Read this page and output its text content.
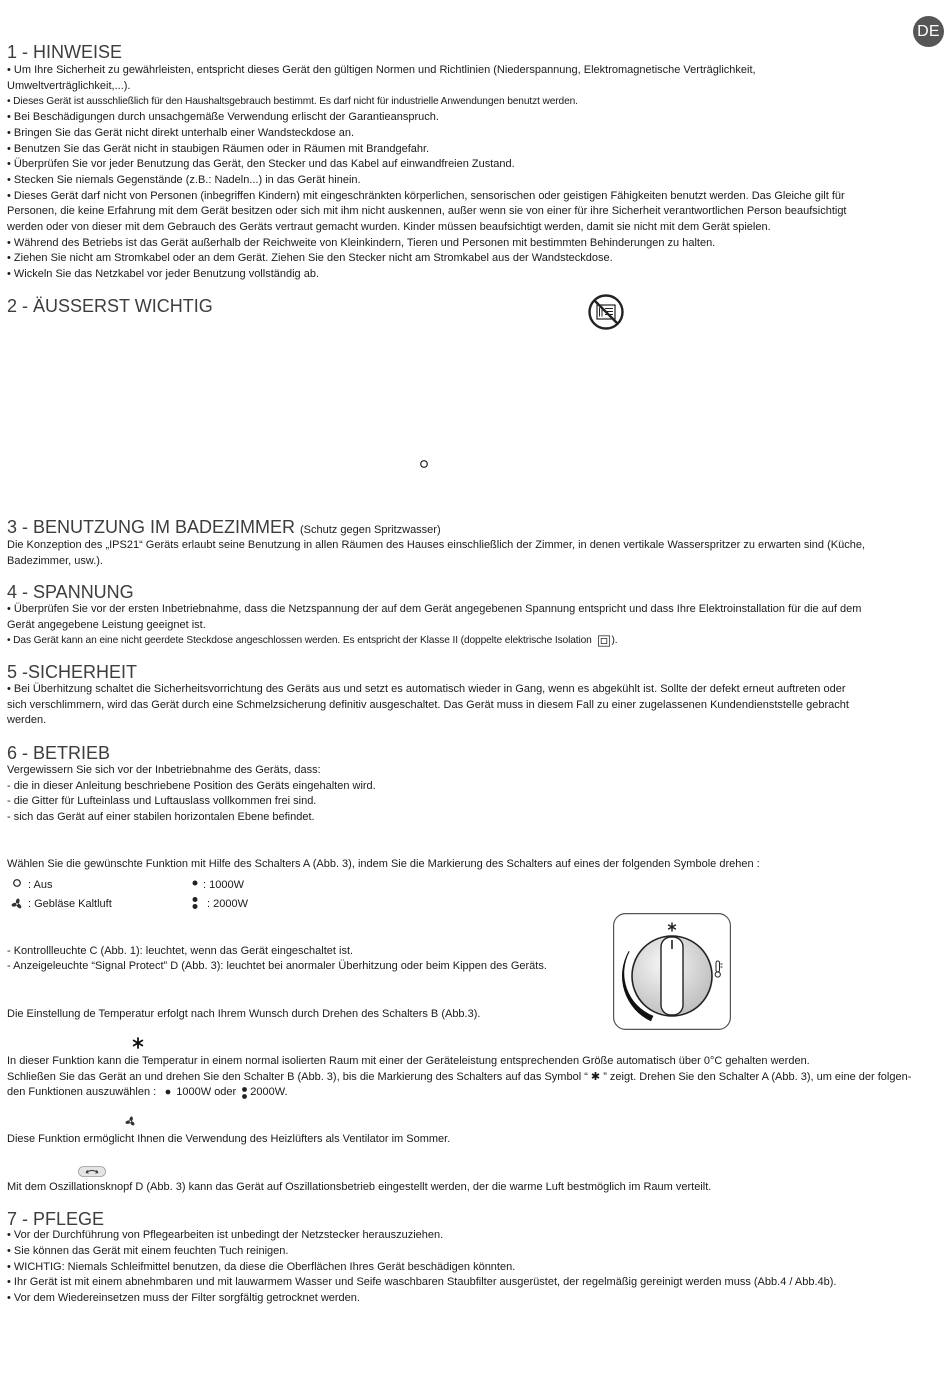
DE
1 - HINWEISE
• Um Ihre Sicherheit zu gewährleisten, entspricht dieses Gerät den gültigen Normen und Richtlinien (Niederspannung, Elektromagnetische Verträglichkeit,
Umweltverträglichkeit,...).
• Dieses Gerät ist ausschließlich für den Haushaltsgebrauch bestimmt. Es darf nicht für industrielle Anwendungen benutzt werden.
• Bei Beschädigungen durch unsachgemäße Verwendung erlischt der Garantieanspruch.
• Bringen Sie das Gerät nicht direkt unterhalb einer Wandsteckdose an.
• Benutzen Sie das Gerät nicht in staubigen Räumen oder in Räumen mit Brandgefahr.
• Überprüfen Sie vor jeder Benutzung das Gerät, den Stecker und das Kabel auf einwandfreien Zustand.
• Stecken Sie niemals Gegenstände (z.B.: Nadeln...) in das Gerät hinein.
• Dieses Gerät darf nicht von Personen (inbegriffen Kindern) mit eingeschränkten körperlichen, sensorischen oder geistigen Fähigkeiten benutzt werden. Das Gleiche gilt für
Personen, die keine Erfahrung mit dem Gerät besitzen oder sich mit ihm nicht auskennen, außer wenn sie von einer für ihre Sicherheit verantwortlichen Person beaufsichtigt
werden oder von dieser mit dem Gebrauch des Geräts vertraut gemacht wurden. Kinder müssen beaufsichtigt werden, damit sie nicht mit dem Gerät spielen.
• Während des Betriebs ist das Gerät außerhalb der Reichweite von Kleinkindern, Tieren und Personen mit bestimmten Behinderungen zu halten.
• Ziehen Sie nicht am Stromkabel oder an dem Gerät. Ziehen Sie den Stecker nicht am Stromkabel aus der Wandsteckdose.
• Wickeln Sie das Netzkabel vor jeder Benutzung vollständig ab.
2 - ÄUSSERST WICHTIG
3 - BENUTZUNG IM BADEZIMMER (Schutz gegen Spritzwasser)
Die Konzeption des „IPS21“ Geräts erlaubt seine Benutzung in allen Räumen des Hauses einschließlich der Zimmer, in denen vertikale Wasserspritzer zu erwarten sind (Küche,
Badezimmer, usw.).
4 - SPANNUNG
• Überprüfen Sie vor der ersten Inbetriebnahme, dass die Netzspannung der auf dem Gerät angegebenen Spannung entspricht und dass Ihre Elektroinstallation für die auf dem
Gerät angegebene Leistung geeignet ist.
• Das Gerät kann an eine nicht geerdete Steckdose angeschlossen werden. Es entspricht der Klasse II (doppelte elektrische Isolation ).
5 -SICHERHEIT
• Bei Überhitzung schaltet die Sicherheitsvorrichtung des Geräts aus und setzt es automatisch wieder in Gang, wenn es abgekühlt ist. Sollte der defekt erneut auftreten oder
sich verschlimmern, wird das Gerät durch eine Schmelzsicherung definitiv ausgeschaltet. Das Gerät muss in diesem Fall zu einer zugelassenen Kundendienststelle gebracht
werden.
6 - BETRIEB
Vergewissern Sie sich vor der Inbetriebnahme des Geräts, dass:
- die in dieser Anleitung beschriebene Position des Geräts eingehalten wird.
- die Gitter für Lufteinlass und Luftauslass vollkommen frei sind.
- sich das Gerät auf einer stabilen horizontalen Ebene befindet.
Wählen Sie die gewünschte Funktion mit Hilfe des Schalters A (Abb. 3), indem Sie die Markierung des Schalters auf eines der folgenden Symbole drehen :
: Aus	: 1000W
: Gebläse Kaltluft	: 2000W
- Kontrollleuchte C (Abb. 1): leuchtet, wenn das Gerät eingeschaltet ist.
- Anzeigeleuchte “Signal Protect” D (Abb. 3): leuchtet bei anormaler Überhitzung oder beim Kippen des Geräts.
Die Einstellung de Temperatur erfolgt nach Ihrem Wunsch durch Drehen des Schalters B (Abb.3).
In dieser Funktion kann die Temperatur in einem normal isolierten Raum mit einer der Geräteleistung entsprechenden Größe automatisch über 0°C gehalten werden.
Schließen Sie das Gerät an und drehen Sie den Schalter B (Abb. 3), bis die Markierung des Schalters auf das Symbol “ ✱ ” zeigt. Drehen Sie den Schalter A (Abb. 3), um eine der folgen-
den Funktionen auszuwählen : 1000W oder 2000W.
Diese Funktion ermöglicht Ihnen die Verwendung des Heizlüfters als Ventilator im Sommer.
Mit dem Oszillationsknopf D (Abb. 3) kann das Gerät auf Oszillationsbetrieb eingestellt werden, der die warme Luft bestmöglich im Raum verteilt.
7 - PFLEGE
• Vor der Durchführung von Pflegearbeiten ist unbedingt der Netzstecker herauszuziehen.
• Sie können das Gerät mit einem feuchten Tuch reinigen.
• WICHTIG: Niemals Schleifmittel benutzen, da diese die Oberflächen Ihres Gerät beschädigen könnten.
• Ihr Gerät ist mit einem abnehmbaren und mit lauwarmem Wasser und Seife waschbaren Staubfilter ausgerüstet, der regelmäßig gereinigt werden muss (Abb.4 / Abb.4b).
• Vor dem Wiedereinsetzen muss der Filter sorgfältig getrocknet werden.
